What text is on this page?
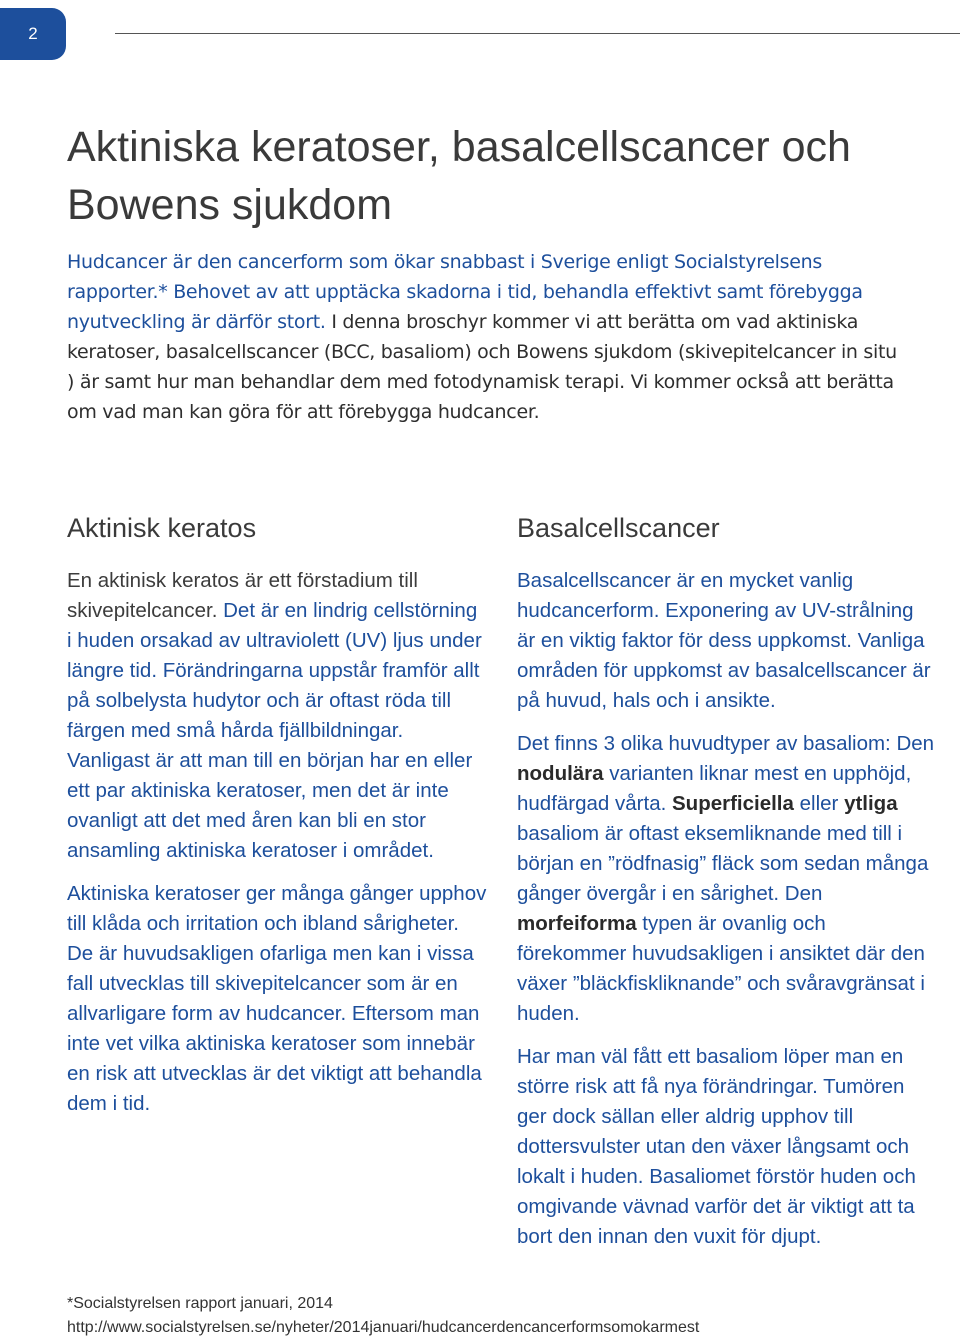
2
Aktiniska keratoser, basalcellscancer och Bowens sjukdom

Hudcancer är den cancerform som ökar snabbast i Sverige enligt Socialstyrelsens rapporter.* Behovet av att upptäcka skadorna i tid, behandla effektivt samt förebygga nyutveckling är därför stort. I denna broschyr kommer vi att berätta om vad aktiniska keratoser, basalcellscancer (BCC, basaliom) och Bowens sjukdom (skivepitelcancer in situ ) är samt hur man behandlar dem med fotodynamisk terapi. Vi kommer också att berätta om vad man kan göra för att förebygga hudcancer.

Aktinisk keratos

En aktinisk keratos är ett förstadium till skivepitelcancer. Det är en lindrig cellstörning i huden orsakad av ultraviolett (UV) ljus under längre tid. Förändringarna uppstår framför allt på solbelysta hudytor och är oftast röda till färgen med små hårda fjällbildningar. Vanligast är att man till en början har en eller ett par aktiniska keratoser, men det är inte ovanligt att det med åren kan bli en stor ansamling aktiniska keratoser i området.

Aktiniska keratoser ger många gånger upphov till klåda och irritation och ibland sårigheter. De är huvudsakligen ofarliga men kan i vissa fall utvecklas till skivepitelcancer som är en allvarligare form av hudcancer. Eftersom man inte vet vilka aktiniska keratoser som innebär en risk att utvecklas är det viktigt att behandla dem i tid.

Basalcellscancer

Basalcellscancer är en mycket vanlig hudcancerform. Exponering av UV-strålning är en viktig faktor för dess uppkomst. Vanliga områden för uppkomst av basalcellscancer är på huvud, hals och i ansikte.

Det finns 3 olika huvudtyper av basaliom: Den nodulära varianten liknar mest en upphöjd, hudfärgad vårta. Superficiella eller ytliga basaliom är oftast eksemliknande med till i början en ”rödfnasig” fläck som sedan många gånger övergår i en sårighet. Den morfeiforma typen är ovanlig och förekommer huvudsakligen i ansiktet där den växer ”bläckfiskliknande” och svåravgränsat i huden.

Har man väl fått ett basaliom löper man en större risk att få nya förändringar. Tumören ger dock sällan eller aldrig upphov till dottersvulster utan den växer långsamt och lokalt i huden. Basaliomet förstör huden och omgivande vävnad varför det är viktigt att ta bort den innan den vuxit för djupt.

*Socialstyrelsen rapport januari, 2014
http://www.socialstyrelsen.se/nyheter/2014januari/hudcancerdencancerformsomokarmest
